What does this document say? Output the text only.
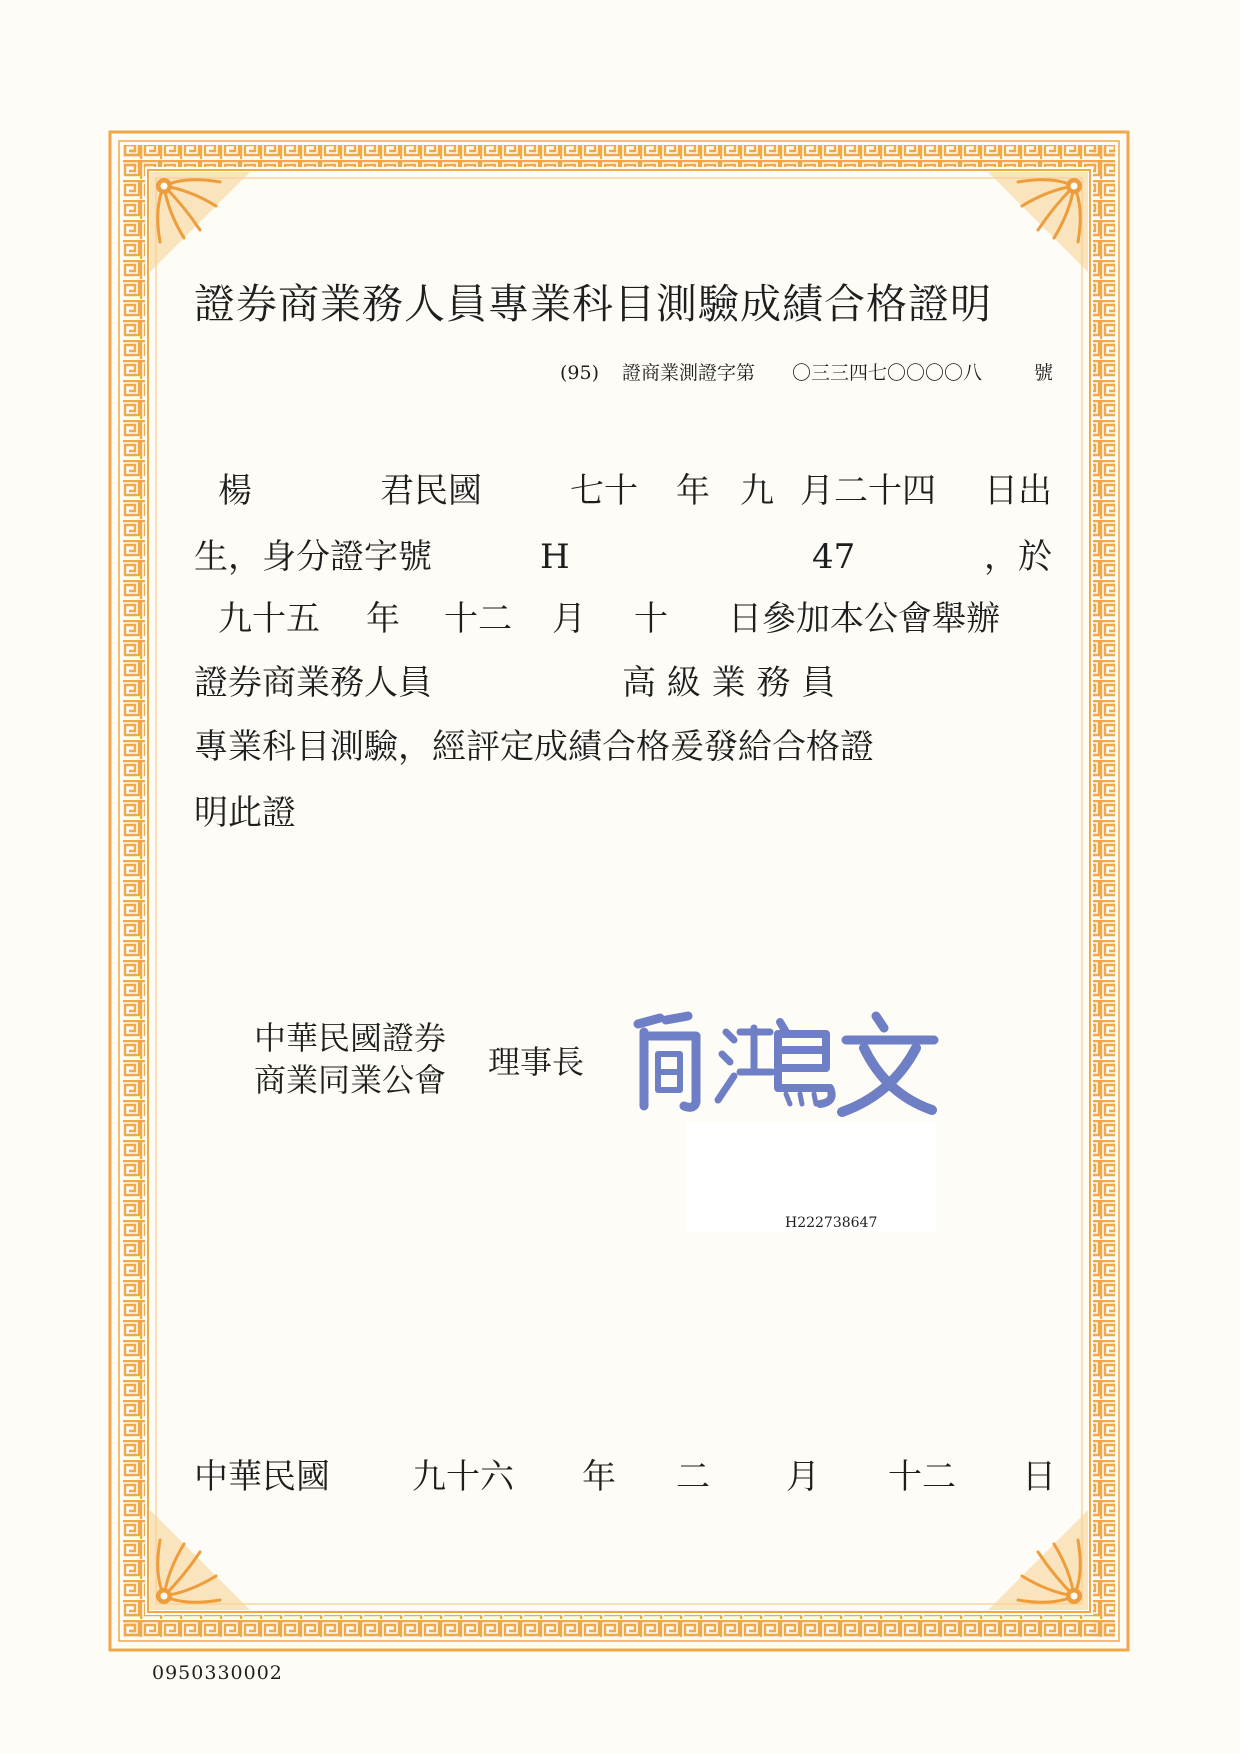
證券商業務人員專業科目測驗成績合格證明
(95) 證商業測證字第 〇三三四七〇〇〇〇八	號
楊	君民國	七十 年 九 月二十四 日出
生，身分證字號	H	47	，於
九十五 年 十二 月 十 日參加本公會舉辦
證券商業務人員	高 級 業 務 員
專業科目測驗，經評定成績合格爰發給合格證
明此證
中華民國證券
商業同業公會 理事長
H222738647
中華民國 九十六 年 二 月 十二 日
0950330002
